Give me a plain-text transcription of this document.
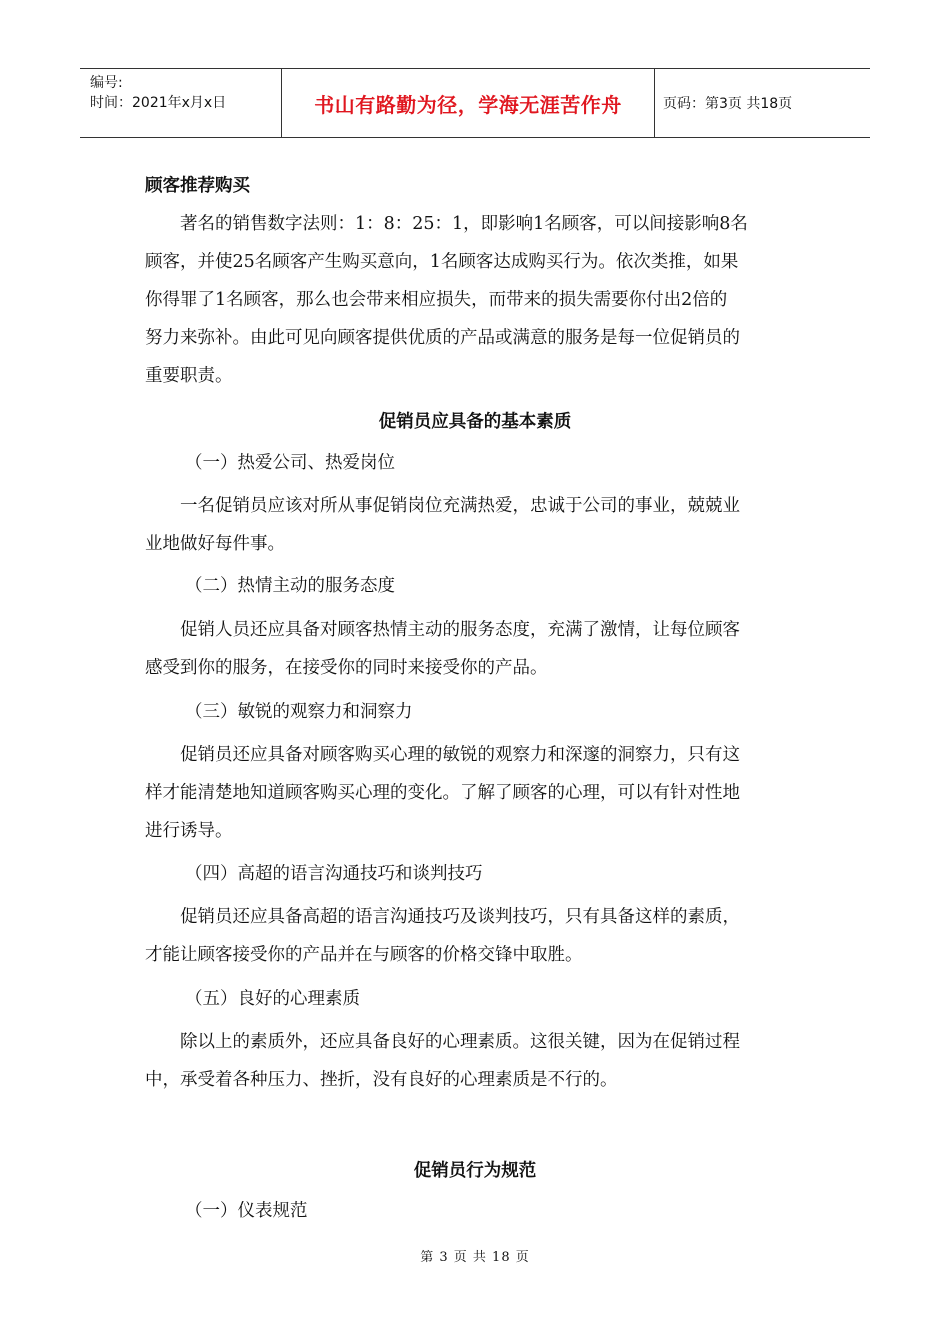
编号:
时间：2021年x月x日	书山有路勤为径，学海无涯苦作舟	页码：第3页 共18页
顾客推荐购买
著名的销售数字法则：1：8：25：1，即影响1名顾客，可以间接影响8名
顾客，并使25名顾客产生购买意向，1名顾客达成购买行为。依次类推，如果
你得罪了1名顾客，那么也会带来相应损失，而带来的损失需要你付出2倍的
努力来弥补。由此可见向顾客提供优质的产品或满意的服务是每一位促销员的
重要职责。
促销员应具备的基本素质
（一）热爱公司、热爱岗位
一名促销员应该对所从事促销岗位充满热爱，忠诚于公司的事业，兢兢业
业地做好每件事。
（二）热情主动的服务态度
促销人员还应具备对顾客热情主动的服务态度，充满了激情，让每位顾客
感受到你的服务，在接受你的同时来接受你的产品。
（三）敏锐的观察力和洞察力
促销员还应具备对顾客购买心理的敏锐的观察力和深邃的洞察力，只有这
样才能清楚地知道顾客购买心理的变化。了解了顾客的心理，可以有针对性地
进行诱导。
（四）高超的语言沟通技巧和谈判技巧
促销员还应具备高超的语言沟通技巧及谈判技巧，只有具备这样的素质，
才能让顾客接受你的产品并在与顾客的价格交锋中取胜。
（五）良好的心理素质
除以上的素质外，还应具备良好的心理素质。这很关键，因为在促销过程
中，承受着各种压力、挫折，没有良好的心理素质是不行的。
促销员行为规范
（一）仪表规范
第 3 页 共 18 页
